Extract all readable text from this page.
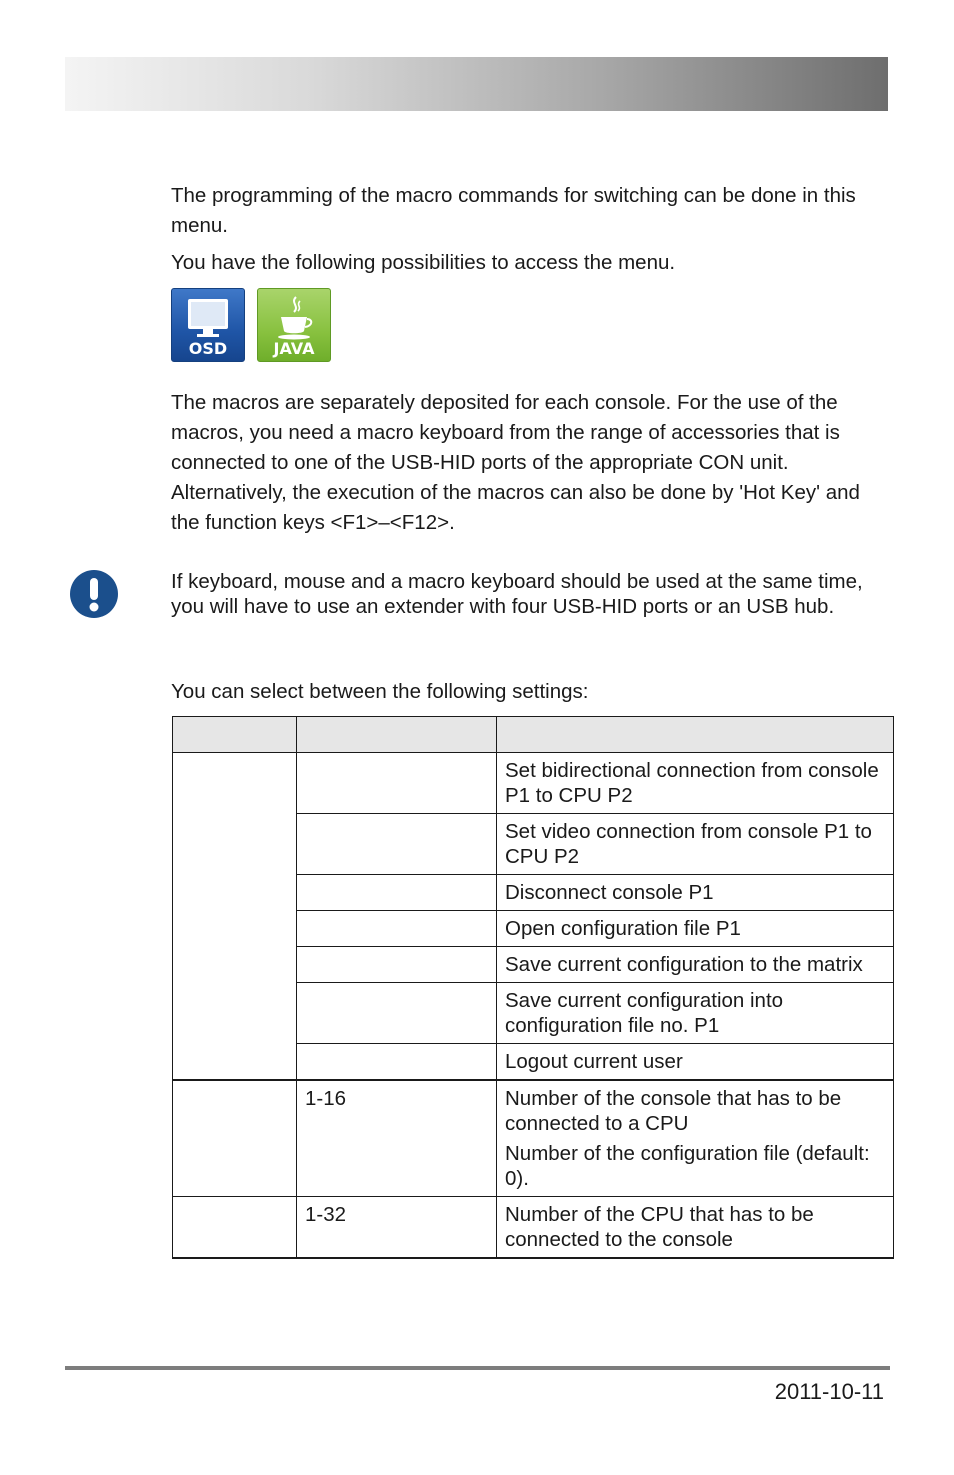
The programming of the macro commands for switching can be done in this menu.

You have the following possibilities to access the menu.

OSD	JAVA

The macros are separately deposited for each console. For the use of the macros, you need a macro keyboard from the range of accessories that is connected to one of the USB-HID ports of the appropriate CON unit. Alternatively, the execution of the macros can also be done by 'Hot Key' and the function keys <F1>–<F12>.

If keyboard, mouse and a macro keyboard should be used at the same time, you will have to use an extender with four USB-HID ports or an USB hub.

You can select between the following settings:

		Set bidirectional connection from console P1 to CPU P2
		Set video connection from console P1 to CPU P2
		Disconnect console P1
		Open configuration file P1
		Save current configuration to the matrix
		Save current configuration into configuration file no. P1
		Logout current user
	1-16	Number of the console that has to be connected to a CPU
Number of the configuration file (default: 0).

	1-32	Number of the CPU that has to be connected to the console
2011-10-11
